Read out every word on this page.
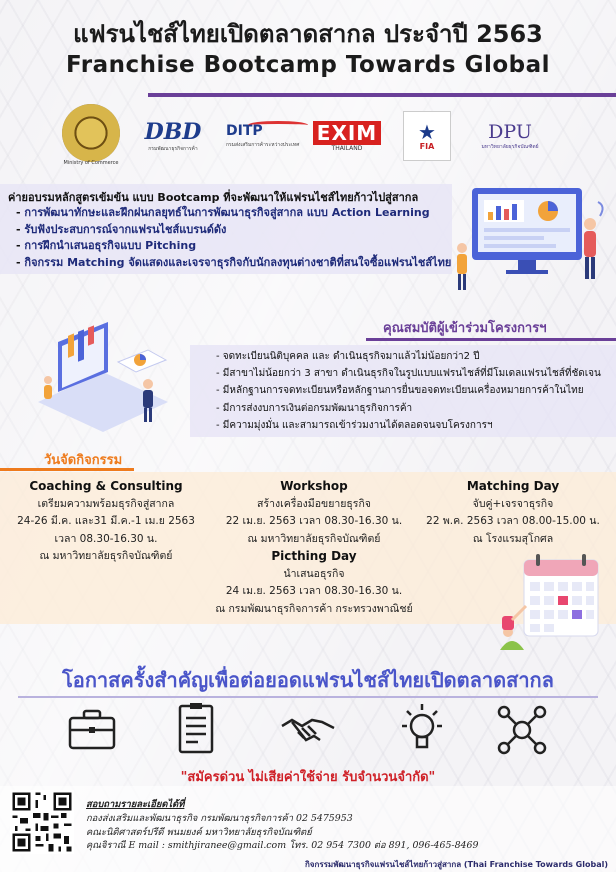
แฟรนไชส์ไทยเปิดตลาดสากล ประจำปี 2563
Franchise Bootcamp Towards Global
Ministry of Commerce
DBD
กรมพัฒนาธุรกิจการค้า
DITP
กรมส่งเสริมการค้าระหว่างประเทศ
EXIM
THAILAND
★
FIA
DPU
มหาวิทยาลัยธุรกิจบัณฑิตย์
ค่ายอบรมหลักสูตรเข้มข้น แบบ Bootcamp ที่จะพัฒนาให้แฟรนไชส์ไทยก้าวไปสู่สากล
- การพัฒนาทักษะและฝึกฝนกลยุทธ์ในการพัฒนาธุรกิจสู่สากล แบบ Action Learning
- รับฟังประสบการณ์จากแฟรนไชส์แบรนด์ดัง
- การฝึกนำเสนอธุรกิจแบบ Pitching
- กิจกรรม Matching จัดแสดงและเจรจาธุรกิจกับนักลงทุนต่างชาติที่สนใจซื้อแฟรนไชส์ไทย
คุณสมบัติผู้เข้าร่วมโครงการฯ
- จดทะเบียนนิติบุคคล และ ดำเนินธุรกิจมาแล้วไม่น้อยกว่า2 ปี
- มีสาขาไม่น้อยกว่า 3 สาขา ดำเนินธุรกิจในรูปแบบแฟรนไชส์ที่มีโมเดลแฟรนไชส์ที่ชัดเจน
- มีหลักฐานการจดทะเบียนหรือหลักฐานการยื่นขอจดทะเบียนเครื่องหมายการค้าในไทย
- มีการส่งงบการเงินต่อกรมพัฒนาธุรกิจการค้า
- มีความมุ่งมั่น และสามารถเข้าร่วมงานได้ตลอดจนจบโครงการฯ
วันจัดกิจกรรม
Coaching & Consulting
เตรียมความพร้อมธุรกิจสู่สากล
24-26 มี.ค. และ31 มี.ค.-1 เม.ย 2563
เวลา 08.30-16.30 น.
ณ มหาวิทยาลัยธุรกิจบัณฑิตย์
Workshop
สร้างเครื่องมือขยายธุรกิจ
22 เม.ย. 2563 เวลา 08.30-16.30 น.
ณ มหาวิทยาลัยธุรกิจบัณฑิตย์
Picthing Day
นำเสนอธุรกิจ
24 เม.ย. 2563 เวลา 08.30-16.30 น.
ณ กรมพัฒนาธุรกิจการค้า กระทรวงพาณิชย์
Matching Day
จับคู่+เจรจาธุรกิจ
22 พ.ค. 2563 เวลา 08.00-15.00 น.
ณ โรงแรมสุโกศล
โอกาสครั้งสำคัญเพื่อต่อยอดแฟรนไชส์ไทยเปิดตลาดสากล
"สมัครด่วน ไม่เสียค่าใช้จ่าย รับจำนวนจำกัด"
สอบถามรายละเอียดได้ที่
กองส่งเสริมและพัฒนาธุรกิจ กรมพัฒนาธุรกิจการค้า 02 5475953
คณะนิติศาสตร์ปรีดี พนมยงค์ มหาวิทยาลัยธุรกิจบัณฑิตย์
คุณจิราณี E mail : smithjiranee@gmail.com โทร. 02 954 7300 ต่อ 891, 096-465-8469
กิจกรรมพัฒนาธุรกิจแฟรนไชส์ไทยก้าวสู่สากล (Thai Franchise Towards Global)
